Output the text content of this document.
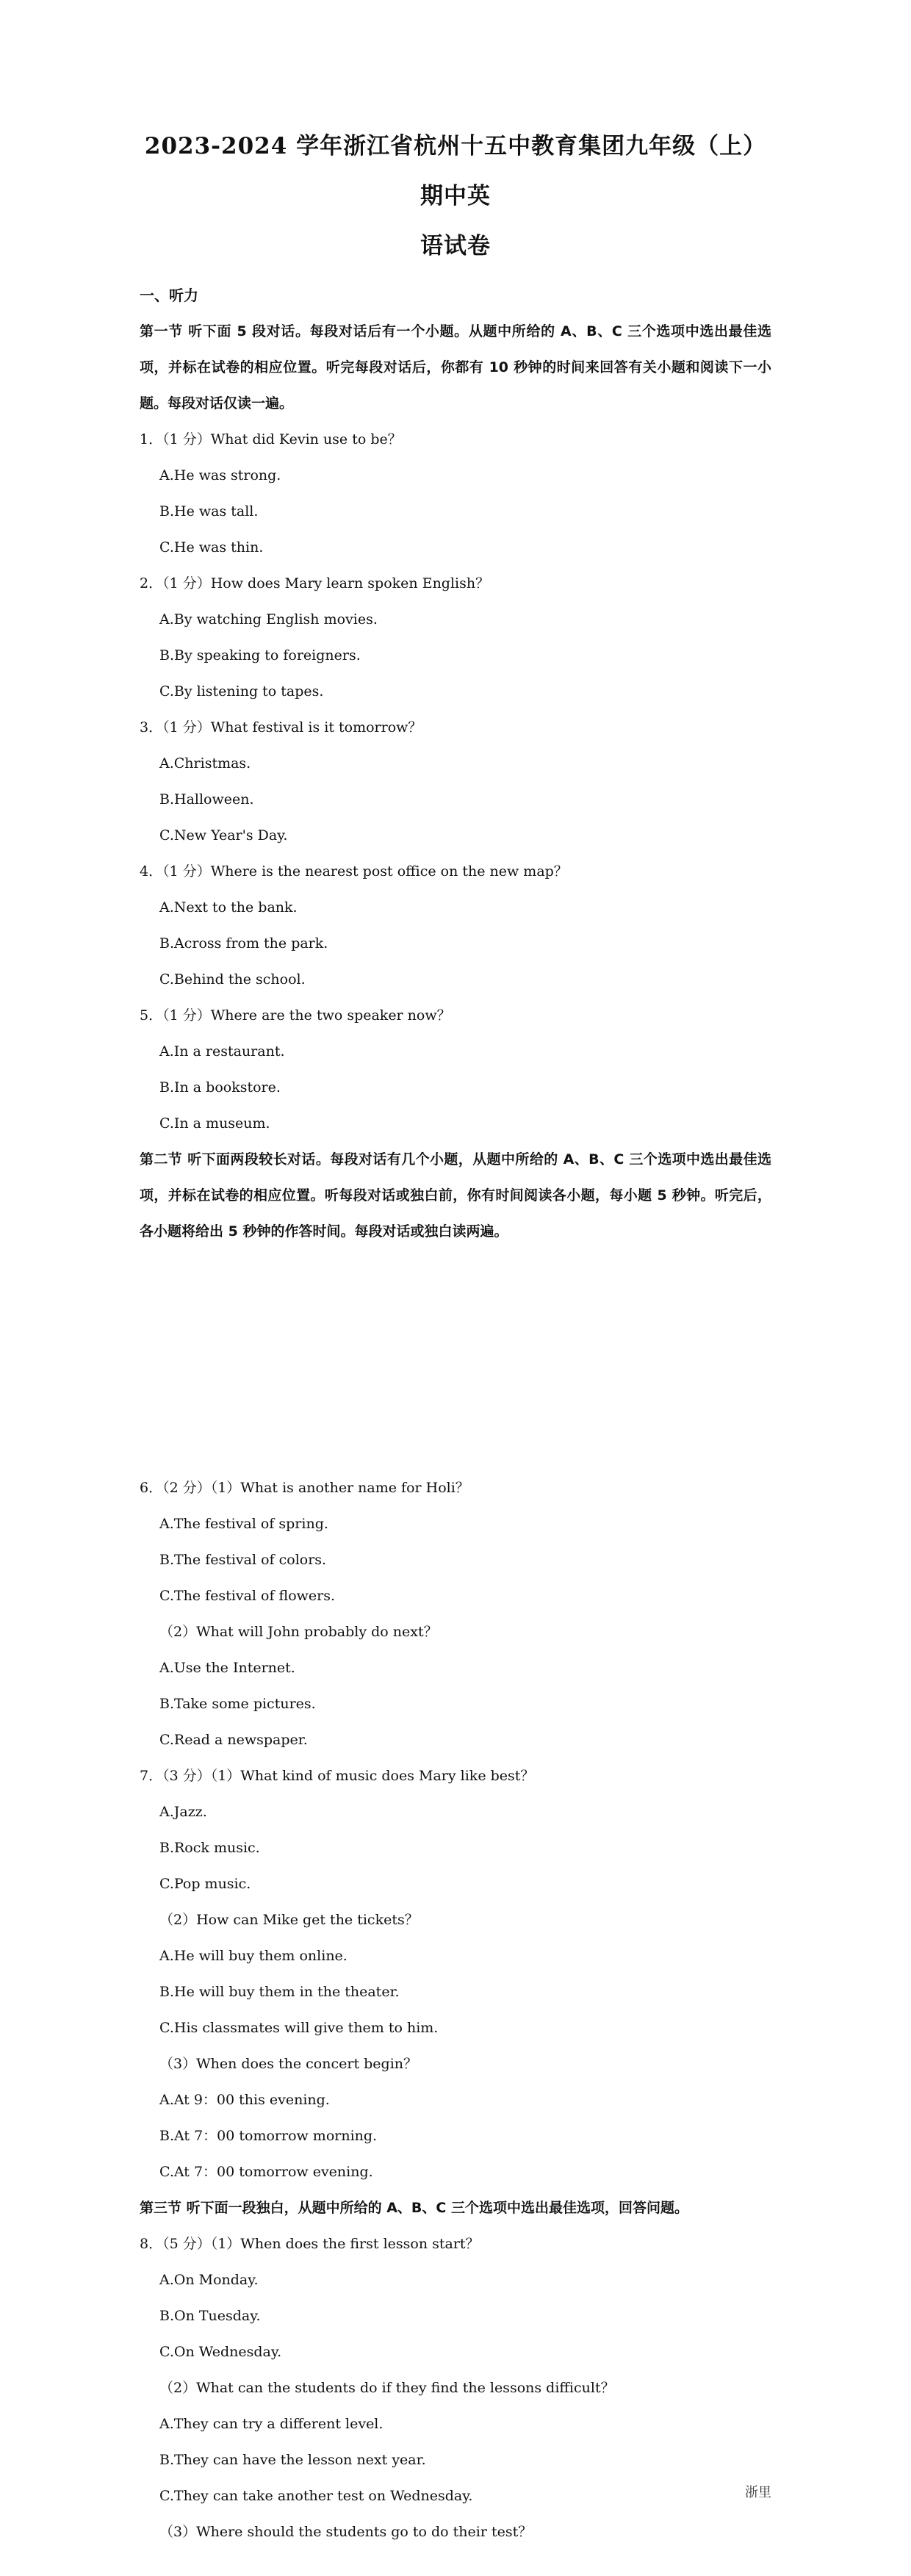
2023-2024 学年浙江省杭州十五中教育集团九年级（上）期中英
语试卷
一、听力

第一节 听下面 5 段对话。每段对话后有一个小题。从题中所给的 A、B、C 三个选项中选出最佳选项，并标在试卷的相应位置。听完每段对话后，你都有 10 秒钟的时间来回答有关小题和阅读下一小题。每段对话仅读一遍。

1．（1 分）What did Kevin use to be？

A.He was strong.

B.He was tall.

C.He was thin.

2．（1 分）How does Mary learn spoken English？

A.By watching English movies.

B.By speaking to foreigners.

C.By listening to tapes.

3．（1 分）What festival is it tomorrow？

A.Christmas.

B.Halloween.

C.New Year's Day.

4．（1 分）Where is the nearest post office on the new map？

A.Next to the bank.

B.Across from the park.

C.Behind the school.

5．（1 分）Where are the two speaker now？

A.In a restaurant.

B.In a bookstore.

C.In a museum.

第二节 听下面两段较长对话。每段对话有几个小题，从题中所给的 A、B、C 三个选项中选出最佳选项，并标在试卷的相应位置。听每段对话或独白前，你有时间阅读各小题，每小题 5 秒钟。听完后，各小题将给出 5 秒钟的作答时间。每段对话或独白读两遍。

6．（2 分）（1）What is another name for Holi？

A.The festival of spring.

B.The festival of colors.

C.The festival of flowers.

（2）What will John probably do next？

A.Use the Internet.

B.Take some pictures.

C.Read a newspaper.

7．（3 分）（1）What kind of music does Mary like best？

A.Jazz.

B.Rock music.

C.Pop music.

（2）How can Mike get the tickets？

A.He will buy them online.

B.He will buy them in the theater.

C.His classmates will give them to him.

（3）When does the concert begin？

A.At 9：00 this evening.

B.At 7：00 tomorrow morning.

C.At 7：00 tomorrow evening.

第三节 听下面一段独白，从题中所给的 A、B、C 三个选项中选出最佳选项，回答问题。

8．（5 分）（1）When does the first lesson start？

A.On Monday.

B.On Tuesday.

C.On Wednesday.

（2）What can the students do if they find the lessons difficult？

A.They can try a different level.

B.They can have the lesson next year.

C.They can take another test on Wednesday.

（3）Where should the students go to do their test？

浙里
